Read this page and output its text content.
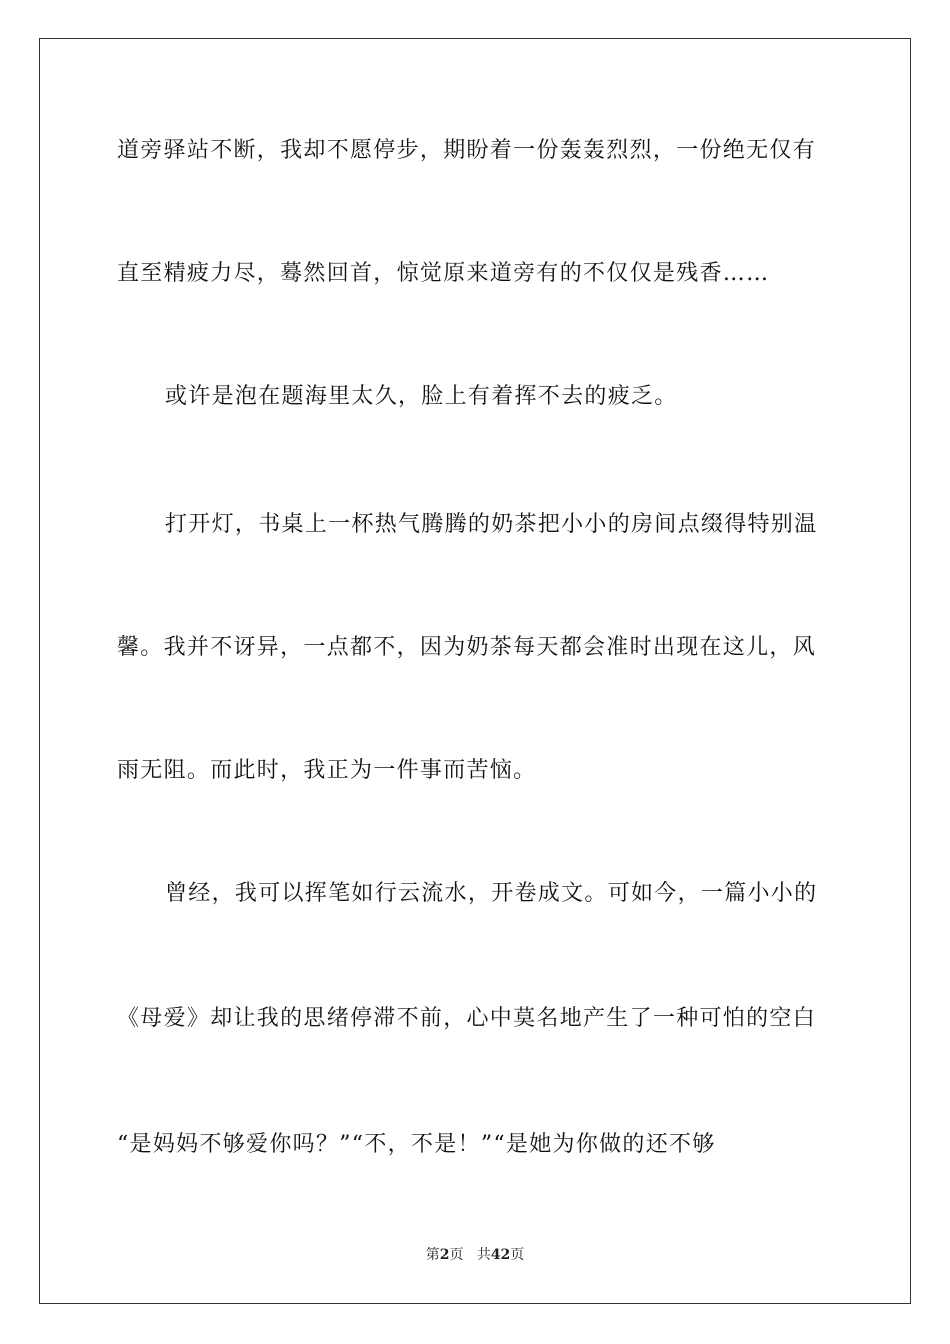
道旁驿站不断，我却不愿停步，期盼着一份轰轰烈烈，一份绝无仅有
直至精疲力尽，蓦然回首，惊觉原来道旁有的不仅仅是残香……
或许是泡在题海里太久，脸上有着挥不去的疲乏。
打开灯，书桌上一杯热气腾腾的奶茶把小小的房间点缀得特别温
馨。我并不讶异，一点都不，因为奶茶每天都会准时出现在这儿，风
雨无阻。而此时，我正为一件事而苦恼。
曾经，我可以挥笔如行云流水，开卷成文。可如今，一篇小小的
《母爱》却让我的思绪停滞不前，心中莫名地产生了一种可怕的空白
“是妈妈不够爱你吗？”“不，不是！”“是她为你做的还不够
第2页 共42页
